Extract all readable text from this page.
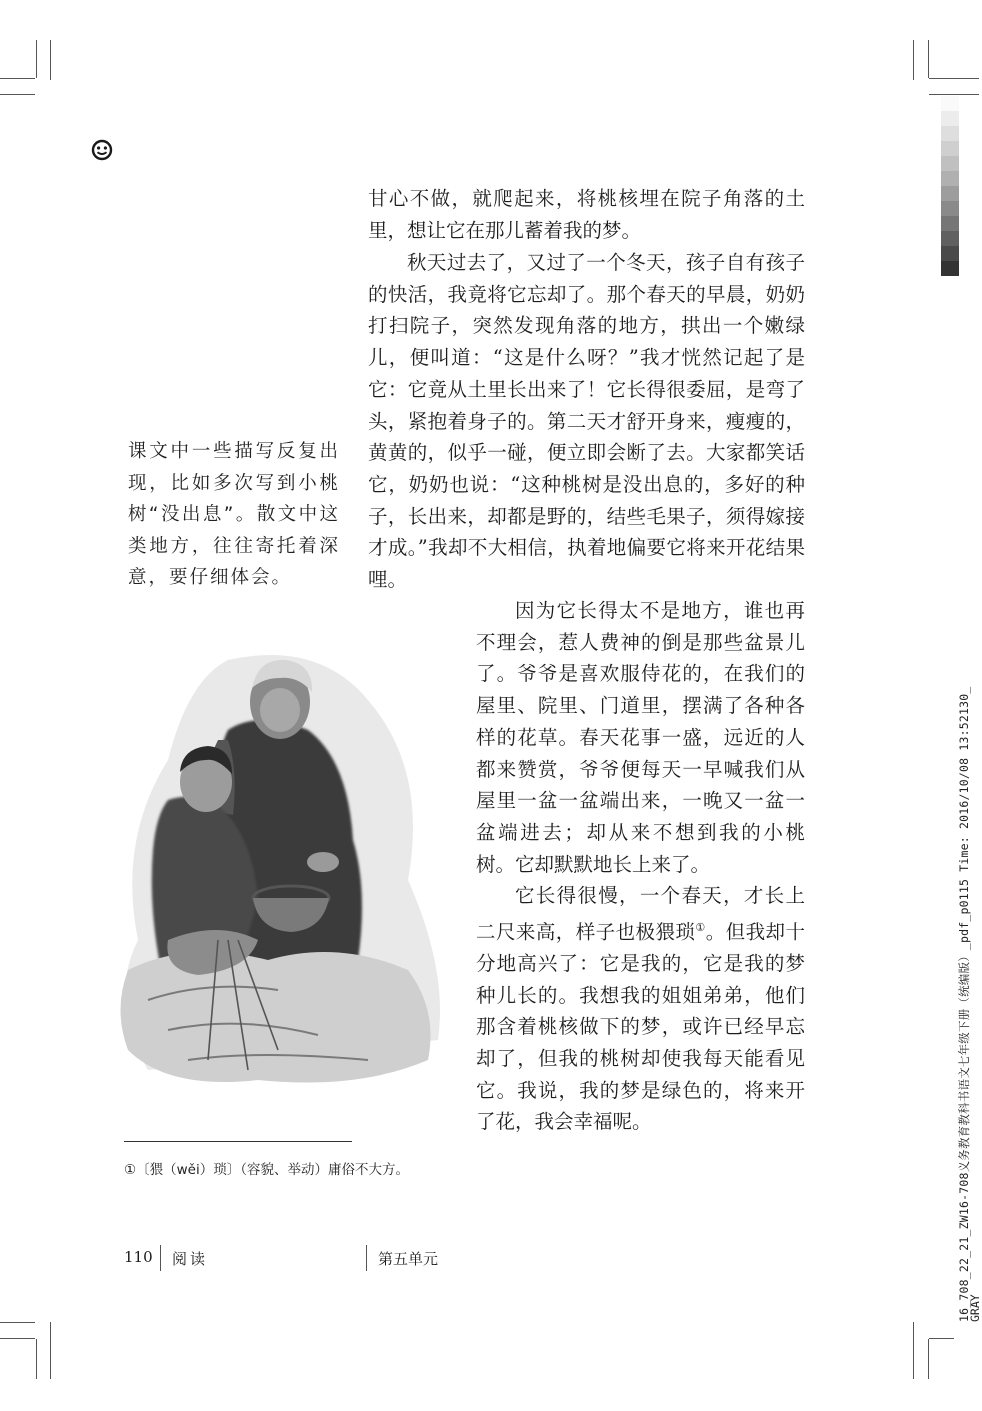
甘心不做，就爬起来，将桃核埋在院子角落的土里，想让它在那儿蓄着我的梦。
秋天过去了，又过了一个冬天，孩子自有孩子的快活，我竟将它忘却了。那个春天的早晨，奶奶打扫院子，突然发现角落的地方，拱出一个嫩绿儿，便叫道：“这是什么呀？”我才恍然记起了是它：它竟从土里长出来了！它长得很委屈，是弯了头，紧抱着身子的。第二天才舒开身来，瘦瘦的，黄黄的，似乎一碰，便立即会断了去。大家都笑话它，奶奶也说：“这种桃树是没出息的，多好的种子，长出来，却都是野的，结些毛果子，须得嫁接才成。”我却不大相信，执着地偏要它将来开花结果哩。
因为它长得太不是地方，谁也再不理会，惹人费神的倒是那些盆景儿了。爷爷是喜欢服侍花的，在我们的屋里、院里、门道里，摆满了各种各样的花草。春天花事一盛，远近的人都来赞赏，爷爷便每天一早喊我们从屋里一盆一盆端出来，一晚又一盆一盆端进去；却从来不想到我的小桃树。它却默默地长上来了。
它长得很慢，一个春天，才长上二尺来高，样子也极猥琐①。但我却十分地高兴了：它是我的，它是我的梦种儿长的。我想我的姐姐弟弟，他们那含着桃核做下的梦，或许已经早忘却了，但我的桃树却使我每天能看见它。我说，我的梦是绿色的，将来开了花，我会幸福呢。
课文中一些描写反复出现，比如多次写到小桃树“没出息”。散文中这类地方，往往寄托着深意，要仔细体会。
①〔猥（wěi）琐〕（容貌、举动）庸俗不大方。
110 阅读	第五单元	16_708_22_21_ZW16-708义务教育教科书语文七年级下册（统编版）_pdf_p0115 Time: 2016/10/08 13:52130_
GRAY
